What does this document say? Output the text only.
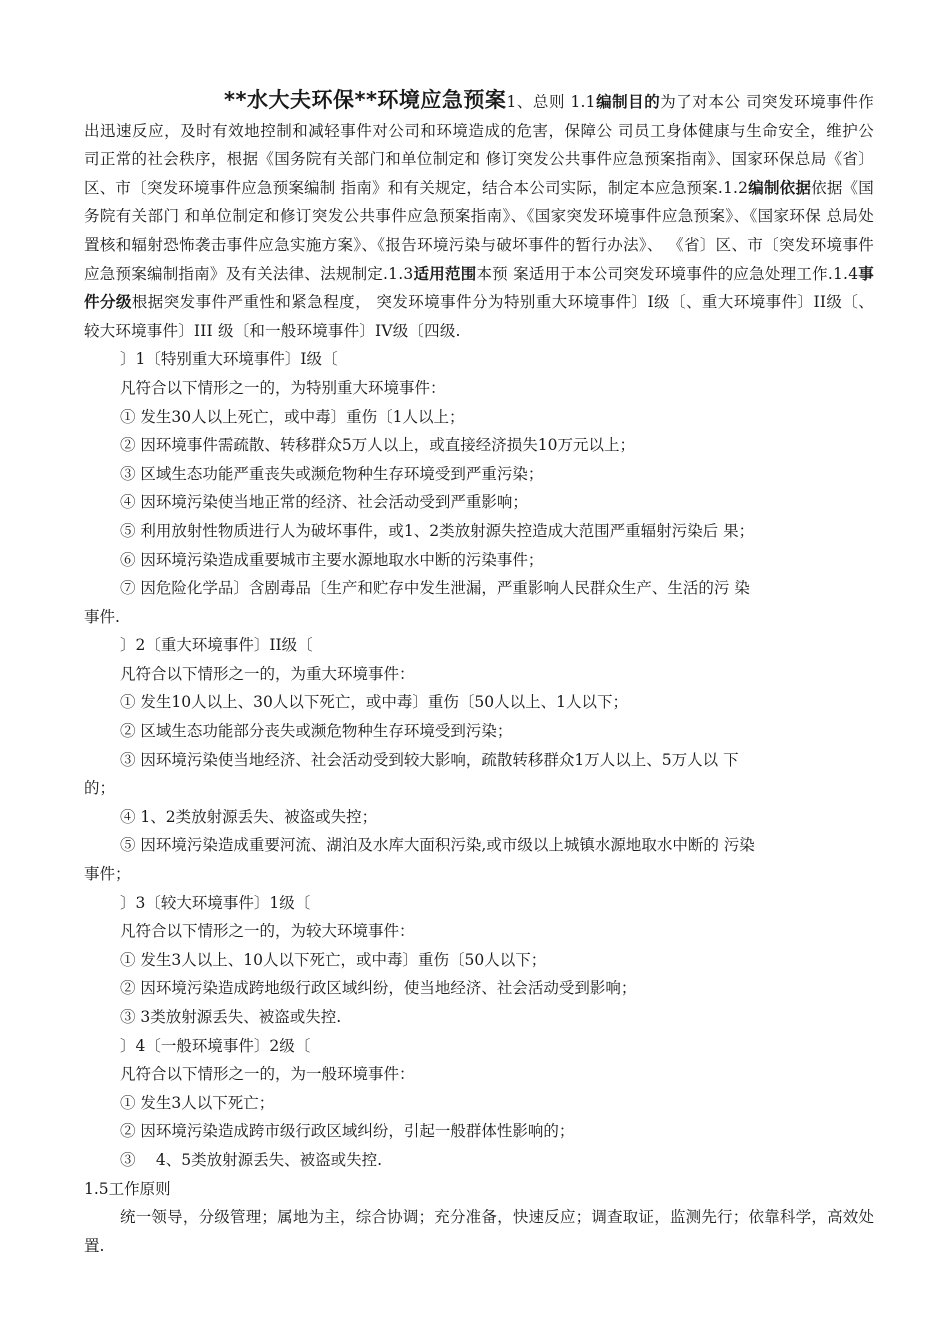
**水大夫环保**环境应急预案1、总则 1.1编制目的为了对本公 司突发环境事件作出迅速反应，及时有效地控制和减轻事件对公司和环境造成的危害，保障公 司员工身体健康与生命安全，维护公司正常的社会秩序，根据《国务院有关部门和单位制定和 修订突发公共事件应急预案指南》、国家环保总局《省〕区、市〔突发环境事件应急预案编制 指南》和有关规定，结合本公司实际，制定本应急预案.1.2编制依据依据《国务院有关部门 和单位制定和修订突发公共事件应急预案指南》、《国家突发环境事件应急预案》、《国家环保 总局处置核和辐射恐怖袭击事件应急实施方案》、《报告环境污染与破坏事件的暂行办法》、 《省〕区、市〔突发环境事件应急预案编制指南》及有关法律、法规制定.1.3适用范围本预 案适用于本公司突发环境事件的应急处理工作.1.4事件分级根据突发事件严重性和紧急程度， 突发环境事件分为特别重大环境事件〕I级〔、重大环境事件〕II级〔、较大环境事件〕III 级〔和一般环境事件〕IV级〔四级.

〕1〔特别重大环境事件〕I级〔

凡符合以下情形之一的，为特别重大环境事件：

① 发生30人以上死亡，或中毒〕重伤〔1人以上；

② 因环境事件需疏散、转移群众5万人以上，或直接经济损失10万元以上；

③ 区域生态功能严重丧失或濒危物种生存环境受到严重污染；

④ 因环境污染使当地正常的经济、社会活动受到严重影响；

⑤ 利用放射性物质进行人为破坏事件，或1、2类放射源失控造成大范围严重辐射污染后 果；

⑥ 因环境污染造成重要城市主要水源地取水中断的污染事件；

⑦ 因危险化学品〕含剧毒品〔生产和贮存中发生泄漏，严重影响人民群众生产、生活的污 染

事件.

〕2〔重大环境事件〕II级〔

凡符合以下情形之一的，为重大环境事件：

① 发生10人以上、30人以下死亡，或中毒〕重伤〔50人以上、1人以下；

② 区域生态功能部分丧失或濒危物种生存环境受到污染；

③ 因环境污染使当地经济、社会活动受到较大影响，疏散转移群众1万人以上、5万人以 下

的；

④ 1、2类放射源丢失、被盗或失控；

⑤ 因环境污染造成重要河流、湖泊及水库大面积污染,或市级以上城镇水源地取水中断的 污染

事件；

〕3〔较大环境事件〕1级〔

凡符合以下情形之一的，为较大环境事件：

① 发生3人以上、10人以下死亡，或中毒〕重伤〔50人以下；

② 因环境污染造成跨地级行政区域纠纷，使当地经济、社会活动受到影响；

③ 3类放射源丢失、被盗或失控.

〕4〔一般环境事件〕2级〔

凡符合以下情形之一的，为一般环境事件：

① 发生3人以下死亡；

② 因环境污染造成跨市级行政区域纠纷，引起一般群体性影响的；

③ 　4、5类放射源丢失、被盗或失控.

1.5工作原则

统一领导，分级管理；属地为主，综合协调；充分准备，快速反应；调查取证，监测先行；依靠科学，高效处置.
